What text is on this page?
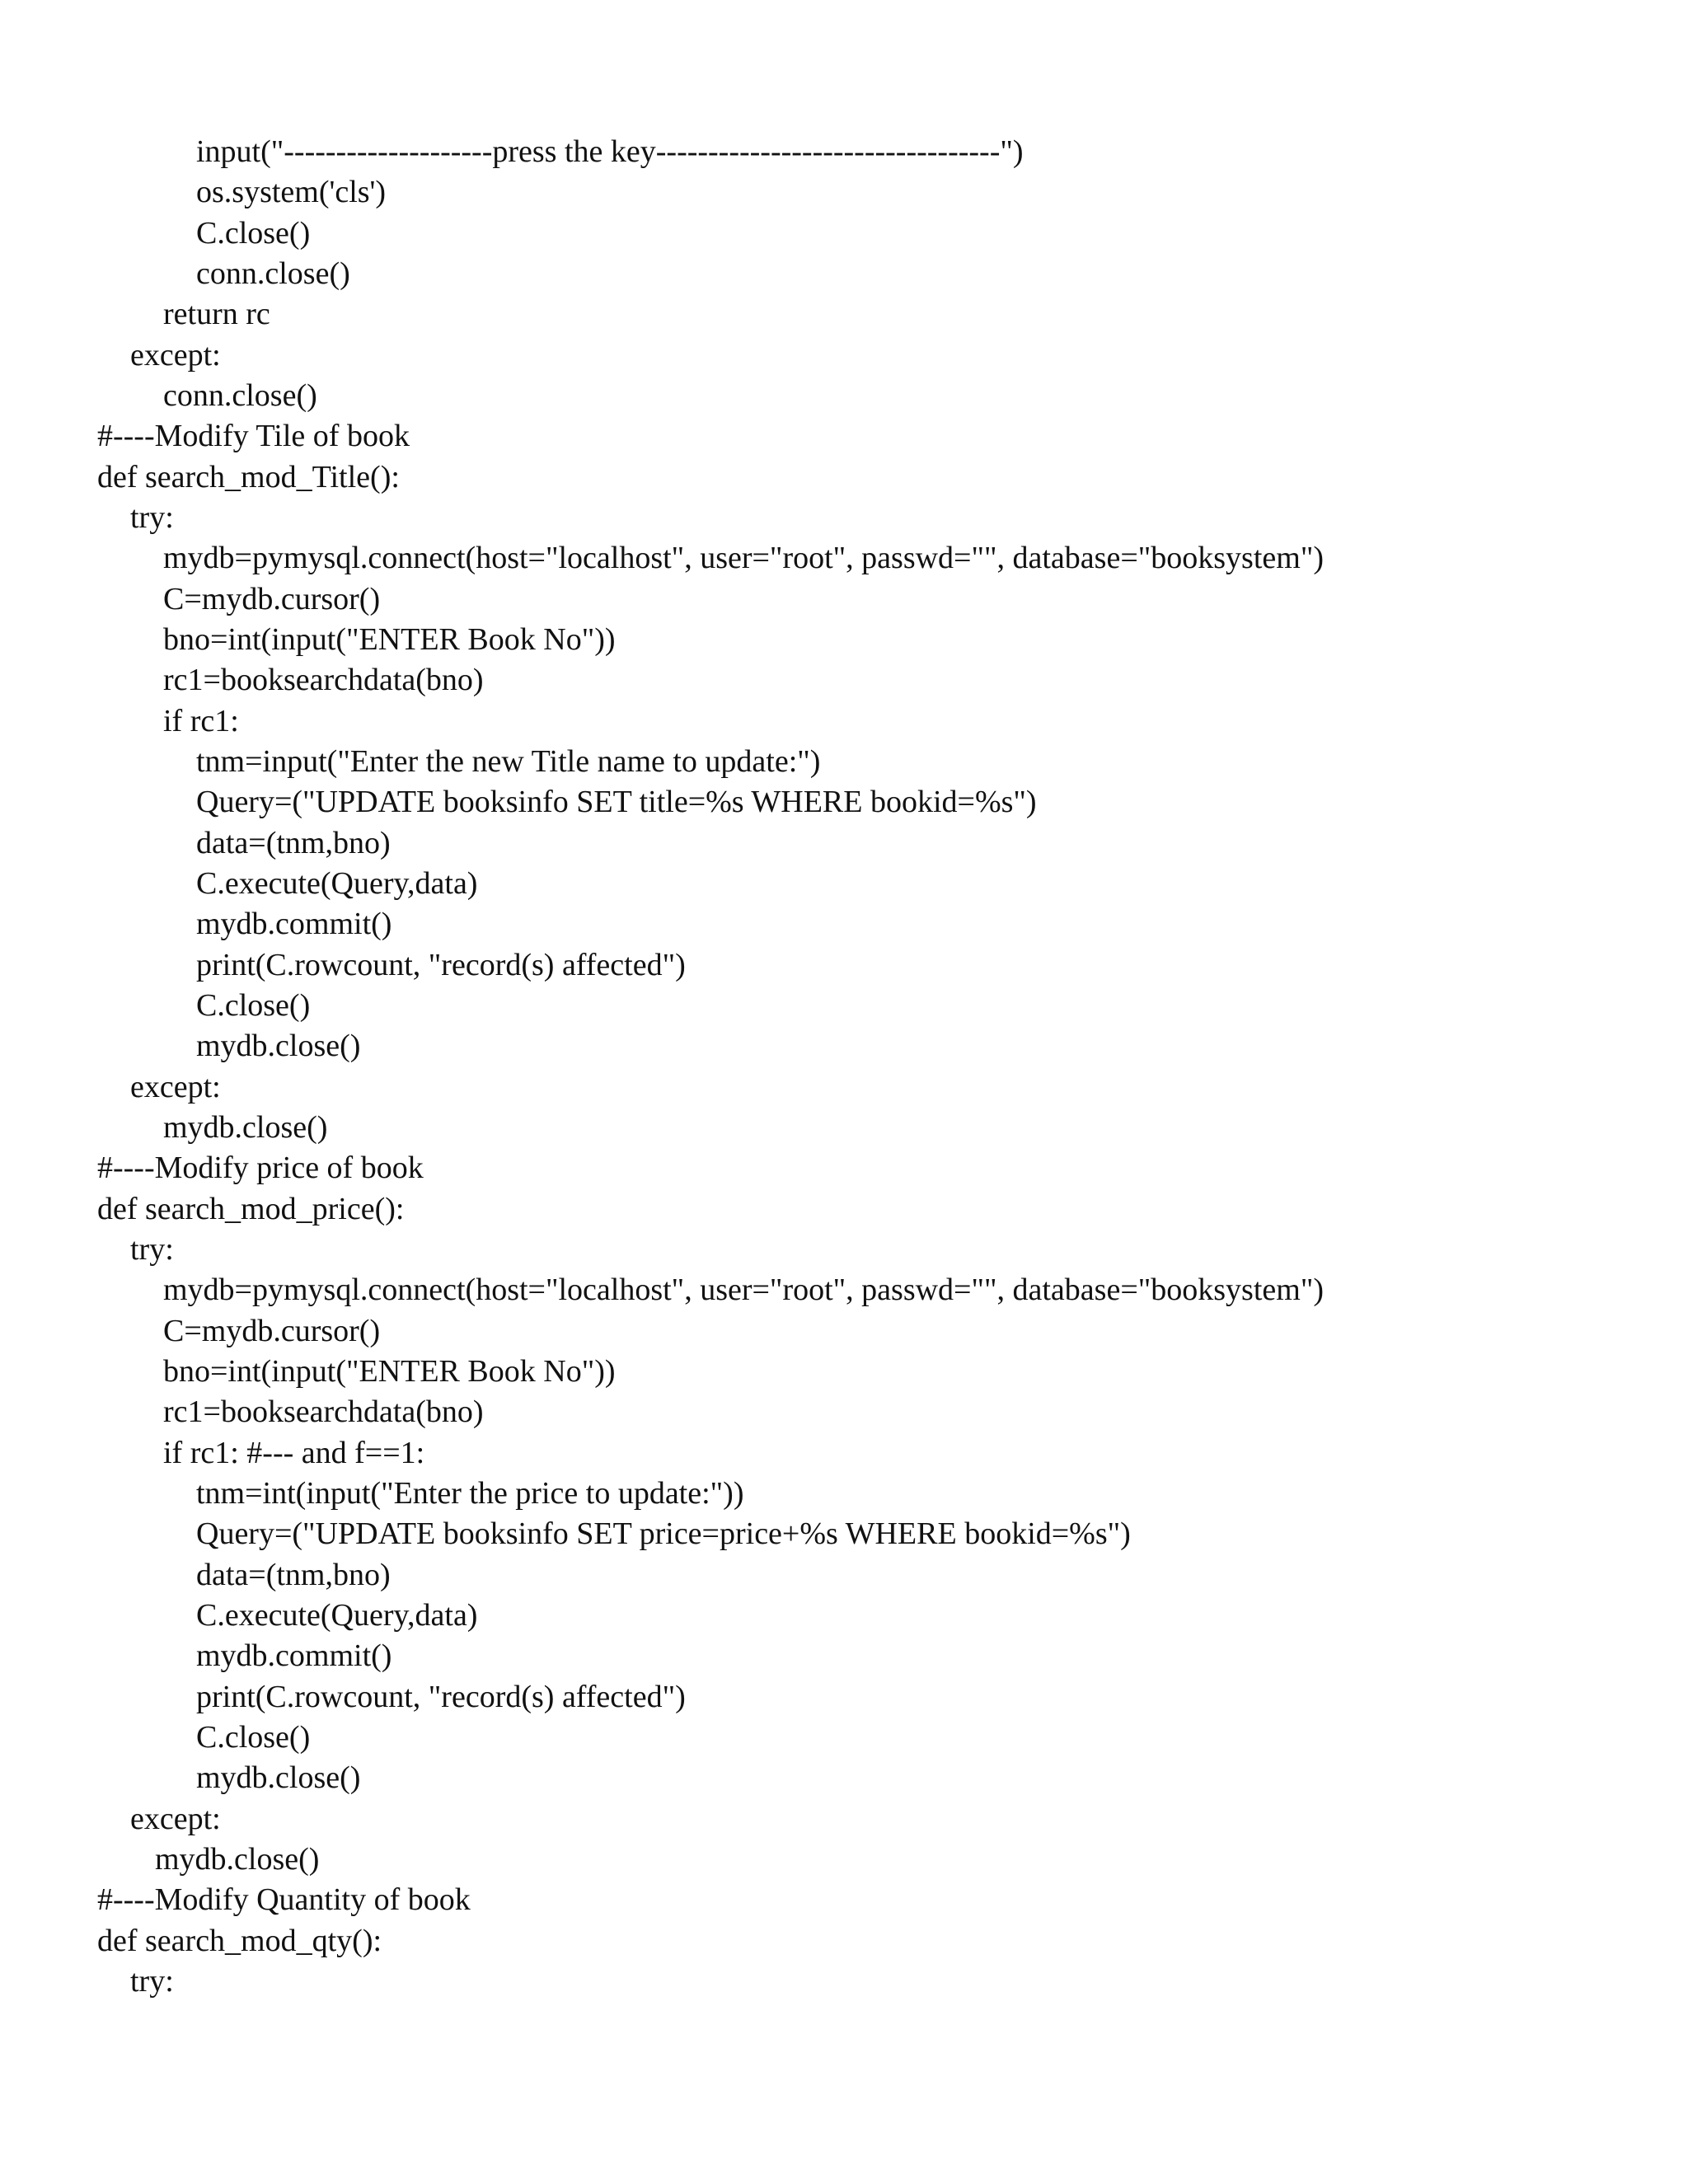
input("--------------------press the key---------------------------------")
os.system('cls')
C.close()
conn.close()
return rc
except:
conn.close()
#----Modify Tile of book
def search_mod_Title():
try:
mydb=pymysql.connect(host="localhost", user="root", passwd="", database="booksystem")
C=mydb.cursor()
bno=int(input("ENTER Book No"))
rc1=booksearchdata(bno)
if rc1:
tnm=input("Enter the new Title name to update:")
Query=("UPDATE booksinfo SET title=%s WHERE bookid=%s")
data=(tnm,bno)
C.execute(Query,data)
mydb.commit()
print(C.rowcount, "record(s) affected")
C.close()
mydb.close()
except:
mydb.close()
#----Modify price of book
def search_mod_price():
try:
mydb=pymysql.connect(host="localhost", user="root", passwd="", database="booksystem")
C=mydb.cursor()
bno=int(input("ENTER Book No"))
rc1=booksearchdata(bno)
if rc1: #--- and f==1:
tnm=int(input("Enter the price to update:"))
Query=("UPDATE booksinfo SET price=price+%s WHERE bookid=%s")
data=(tnm,bno)
C.execute(Query,data)
mydb.commit()
print(C.rowcount, "record(s) affected")
C.close()
mydb.close()
except:
mydb.close()
#----Modify Quantity of book
def search_mod_qty():
try:
